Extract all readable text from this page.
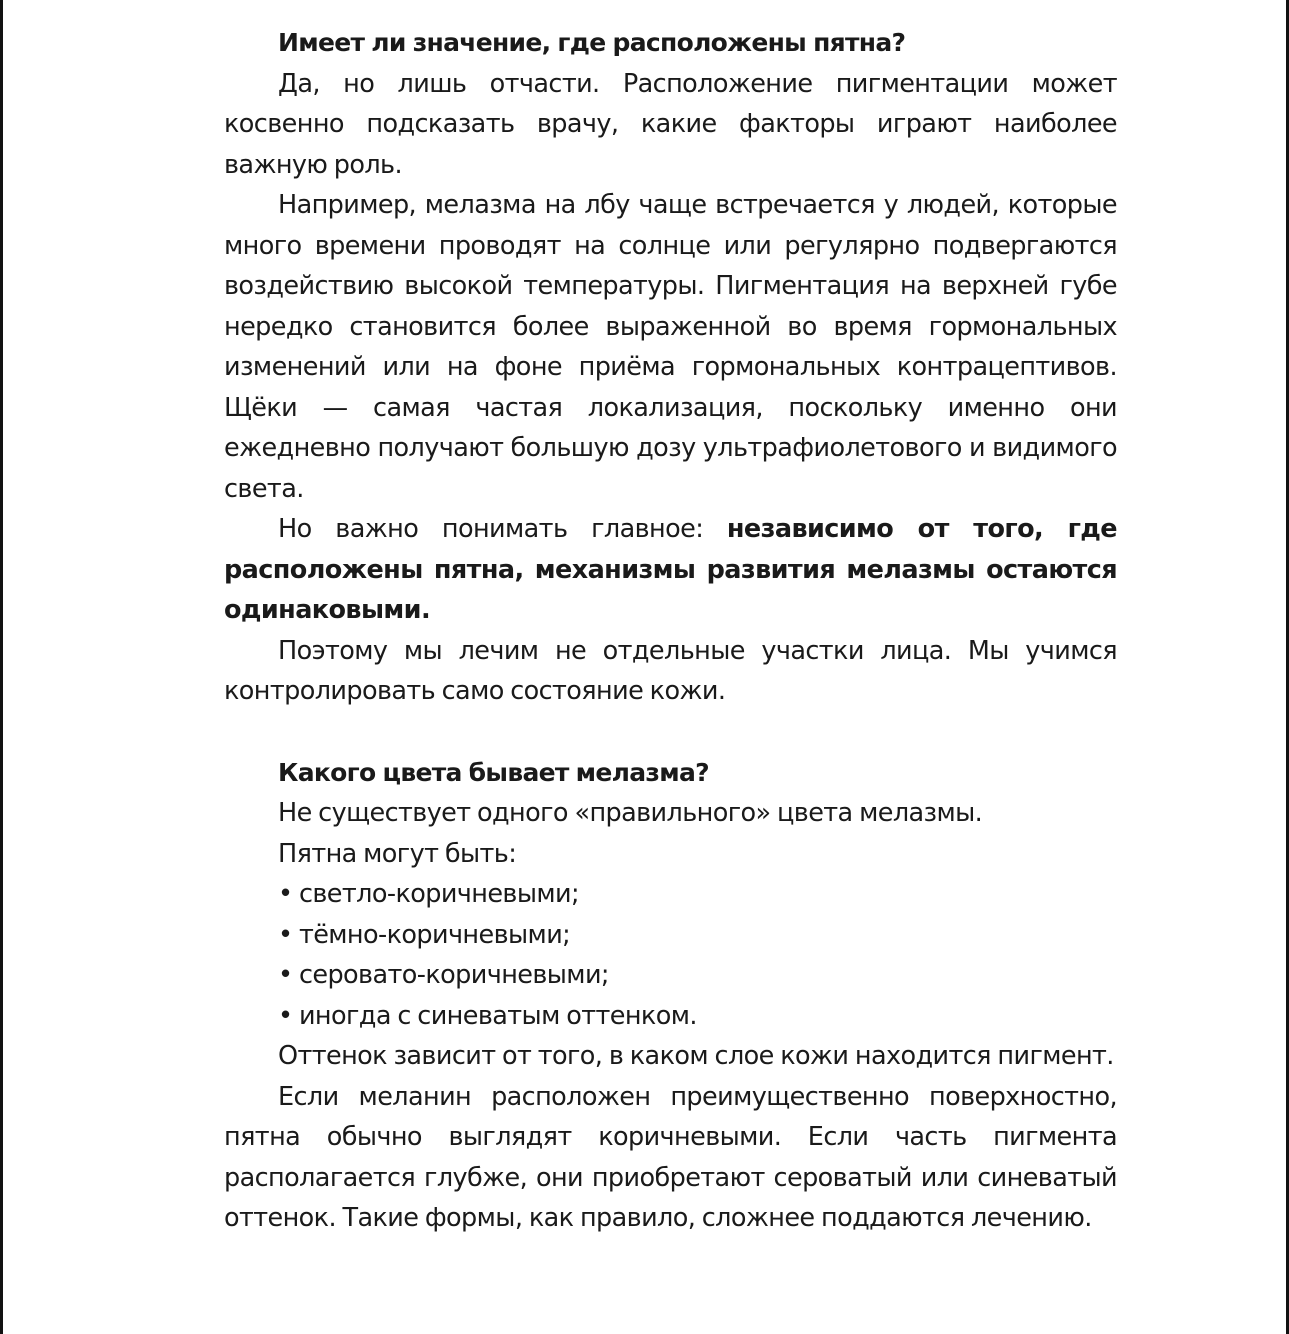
Имеет ли значение, где расположены пятна?

Да, но лишь отчасти. Расположение пигментации может косвенно подсказать врачу, какие факторы играют наиболее важную роль.

Например, мелазма на лбу чаще встречается у людей, которые много времени проводят на солнце или регулярно подвергаются воздействию высокой температуры. Пигментация на верхней губе нередко становится более выраженной во время гормональных изменений или на фоне приёма гормональных контрацептивов. Щёки — самая частая локализация, поскольку именно они ежедневно получают большую дозу ультрафиолетового и видимого света.

Но важно понимать главное: независимо от того, где расположены пятна, механизмы развития мелазмы остаются одинаковыми.

Поэтому мы лечим не отдельные участки лица. Мы учимся контролировать само состояние кожи.

Какого цвета бывает мелазма?

Не существует одного «правильного» цвета мелазмы.

Пятна могут быть:

• светло-коричневыми;
• тёмно-коричневыми;
• серовато-коричневыми;
• иногда с синеватым оттенком.

Оттенок зависит от того, в каком слое кожи находится пигмент.

Если меланин расположен преимущественно поверхностно, пятна обычно выглядят коричневыми. Если часть пигмента располагается глубже, они приобретают сероватый или синеватый оттенок. Такие формы, как правило, сложнее поддаются лечению.
